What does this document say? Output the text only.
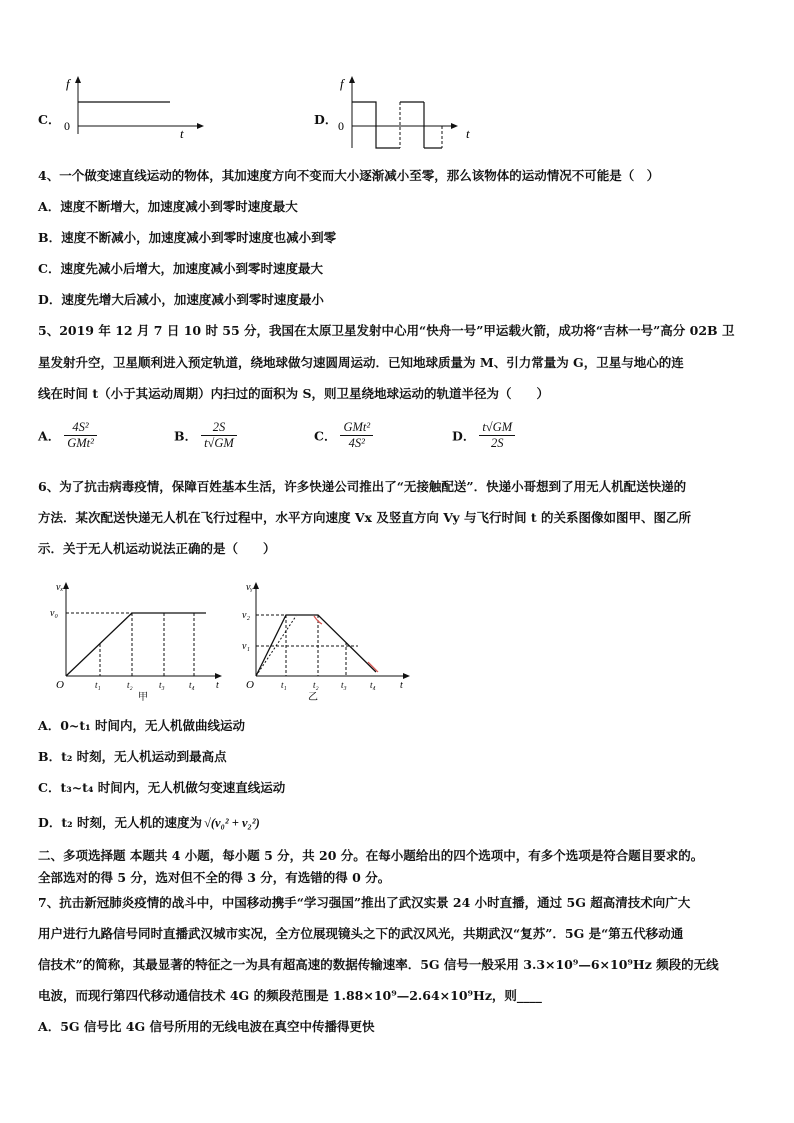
C．
f
0	t
D．
f
0	t
4、一个做变速直线运动的物体，其加速度方向不变而大小逐渐减小至零，那么该物体的运动情况不可能是（　）
A．速度不断增大，加速度减小到零时速度最大
B．速度不断减小，加速度减小到零时速度也减小到零
C．速度先减小后增大，加速度减小到零时速度最大
D．速度先增大后减小，加速度减小到零时速度最小
5、2019 年 12 月 7 日 10 时 55 分，我国在太原卫星发射中心用“快舟一号”甲运载火箭，成功将“吉林一号”高分 02B 卫
星发射升空，卫星顺利进入预定轨道，绕地球做匀速圆周运动．已知地球质量为 M、引力常量为 G，卫星与地心的连
线在时间 t（小于其运动周期）内扫过的面积为 S，则卫星绕地球运动的轨道半径为（　　）
A． $\frac{\text{4S²}}{\text{GMt²}}$	B． $\frac{2S}{t√GM}$	C． $\frac{\text{GMt²}}{\text{4S²}}$	D． $\frac{t√GM}{2S}$
6、为了抗击病毒疫情，保障百姓基本生活，许多快递公司推出了“无接触配送”．快递小哥想到了用无人机配送快递的
方法．某次配送快递无人机在飞行过程中，水平方向速度 Vx 及竖直方向 Vy 与飞行时间 t 的关系图像如图甲、图乙所
示．关于无人机运动说法正确的是（　　）
vₓ
v₀
O	t₁	t₂	t₃	t₄ t
甲
vᵧ
v₂
v₁
O	t₁	t₂ t₃	t₄ t
乙
A．0~t₁ 时间内，无人机做曲线运动
B．t₂ 时刻，无人机运动到最高点
C．t₃~t₄ 时间内，无人机做匀变速直线运动
D．t₂ 时刻，无人机的速度为 √(v₀² + v₂²)
二、多项选择题 本题共 4 小题，每小题 5 分，共 20 分。在每小题给出的四个选项中，有多个选项是符合题目要求的。
全部选对的得 5 分，选对但不全的得 3 分，有选错的得 0 分。
7、抗击新冠肺炎疫情的战斗中，中国移动携手“学习强国”推出了武汉实景 24 小时直播，通过 5G 超高清技术向广大
用户进行九路信号同时直播武汉城市实况，全方位展现镜头之下的武汉风光，共期武汉“复苏”．5G 是“第五代移动通
信技术”的简称，其最显著的特征之一为具有超高速的数据传输速率．5G 信号一般采用 3.3×10⁹—6×10⁹Hz 频段的无线
电波，而现行第四代移动通信技术 4G 的频段范围是 1.88×10⁹—2.64×10⁹Hz，则____
A．5G 信号比 4G 信号所用的无线电波在真空中传播得更快
